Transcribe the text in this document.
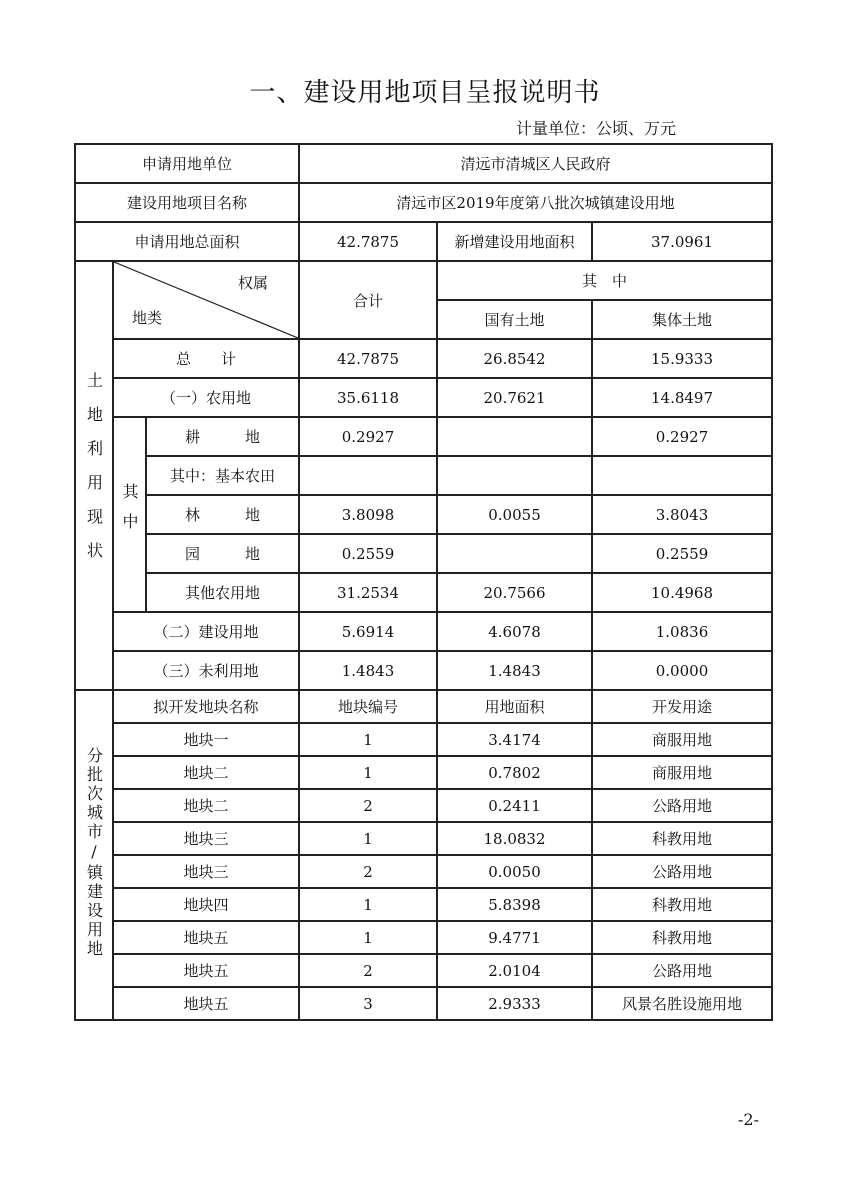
一、建设用地项目呈报说明书
计量单位：公顷、万元
申请用地单位			清远市清城区人民政府		
建设用地项目名称			清远市区2019年度第八批次城镇建设用地		
申请用地总面积			42.7875	新增建设用地面积	37.0961
土地利用现状	权属
地类		合计	其　中	
				国有土地	集体土地
	总　　计		42.7875	26.8542	15.9333
	（一）农用地		35.6118	20.7621	14.8497
	其中	耕　　　地	0.2927		0.2927
		其中：基本农田			
		林　　　地	3.8098	0.0055	3.8043
		园　　　地	0.2559		0.2559
		其他农用地	31.2534	20.7566	10.4968
	（二）建设用地		5.6914	4.6078	1.0836
	（三）未利用地		1.4843	1.4843	0.0000
分批次城市/镇建设用地	拟开发地块名称		地块编号	用地面积	开发用途
	地块一		1	3.4174	商服用地
	地块二		1	0.7802	商服用地
	地块二		2	0.2411	公路用地
	地块三		1	18.0832	科教用地
	地块三		2	0.0050	公路用地
	地块四		1	5.8398	科教用地
	地块五		1	9.4771	科教用地
	地块五		2	2.0104	公路用地
	地块五		3	2.9333	风景名胜设施用地
-2-
